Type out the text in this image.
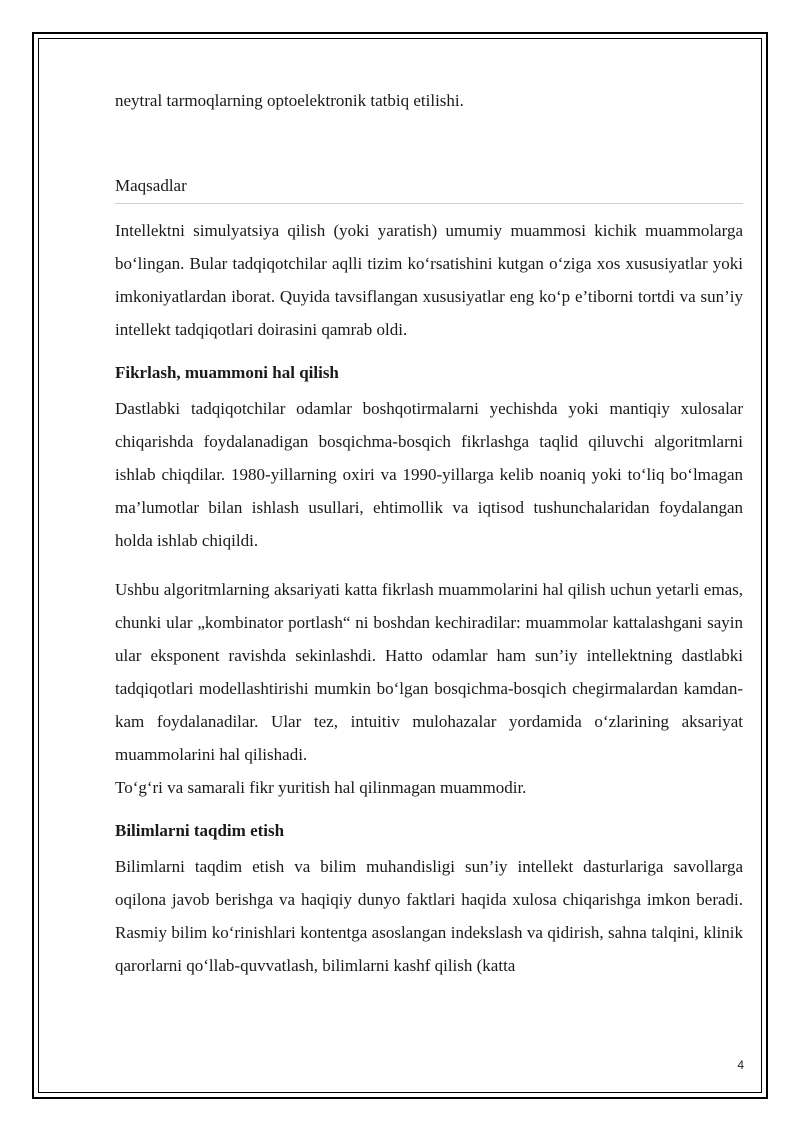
neytral tarmoqlarning optoelektronik tatbiq etilishi.

Maqsadlar

Intellektni simulyatsiya qilish (yoki yaratish) umumiy muammosi kichik muammolarga bo‘lingan. Bular tadqiqotchilar aqlli tizim ko‘rsatishini kutgan o‘ziga xos xususiyatlar yoki imkoniyatlardan iborat. Quyida tavsiflangan xususiyatlar eng ko‘p e’tiborni tortdi va sun’iy intellekt tadqiqotlari doirasini qamrab oldi.

Fikrlash, muammoni hal qilish

Dastlabki tadqiqotchilar odamlar boshqotirmalarni yechishda yoki mantiqiy xulosalar chiqarishda foydalanadigan bosqichma-bosqich fikrlashga taqlid qiluvchi algoritmlarni ishlab chiqdilar. 1980-yillarning oxiri va 1990-yillarga kelib noaniq yoki to‘liq bo‘lmagan ma’lumotlar bilan ishlash usullari, ehtimollik va iqtisod tushunchalaridan foydalangan holda ishlab chiqildi.

Ushbu algoritmlarning aksariyati katta fikrlash muammolarini hal qilish uchun yetarli emas, chunki ular „kombinator portlash“ ni boshdan kechiradilar: muammolar kattalashgani sayin ular eksponent ravishda sekinlashdi. Hatto odamlar ham sun’iy intellektning dastlabki tadqiqotlari modellashtirishi mumkin bo‘lgan bosqichma-bosqich chegirmalardan kamdan-kam foydalanadilar. Ular tez, intuitiv mulohazalar yordamida o‘zlarining aksariyat muammolarini hal qilishadi.

To‘g‘ri va samarali fikr yuritish hal qilinmagan muammodir.

Bilimlarni taqdim etish

Bilimlarni taqdim etish va bilim muhandisligi sun’iy intellekt dasturlariga savollarga oqilona javob berishga va haqiqiy dunyo faktlari haqida xulosa chiqarishga imkon beradi. Rasmiy bilim ko‘rinishlari kontentga asoslangan indekslash va qidirish, sahna talqini, klinik qarorlarni qo‘llab-quvvatlash, bilimlarni kashf qilish (katta

4
